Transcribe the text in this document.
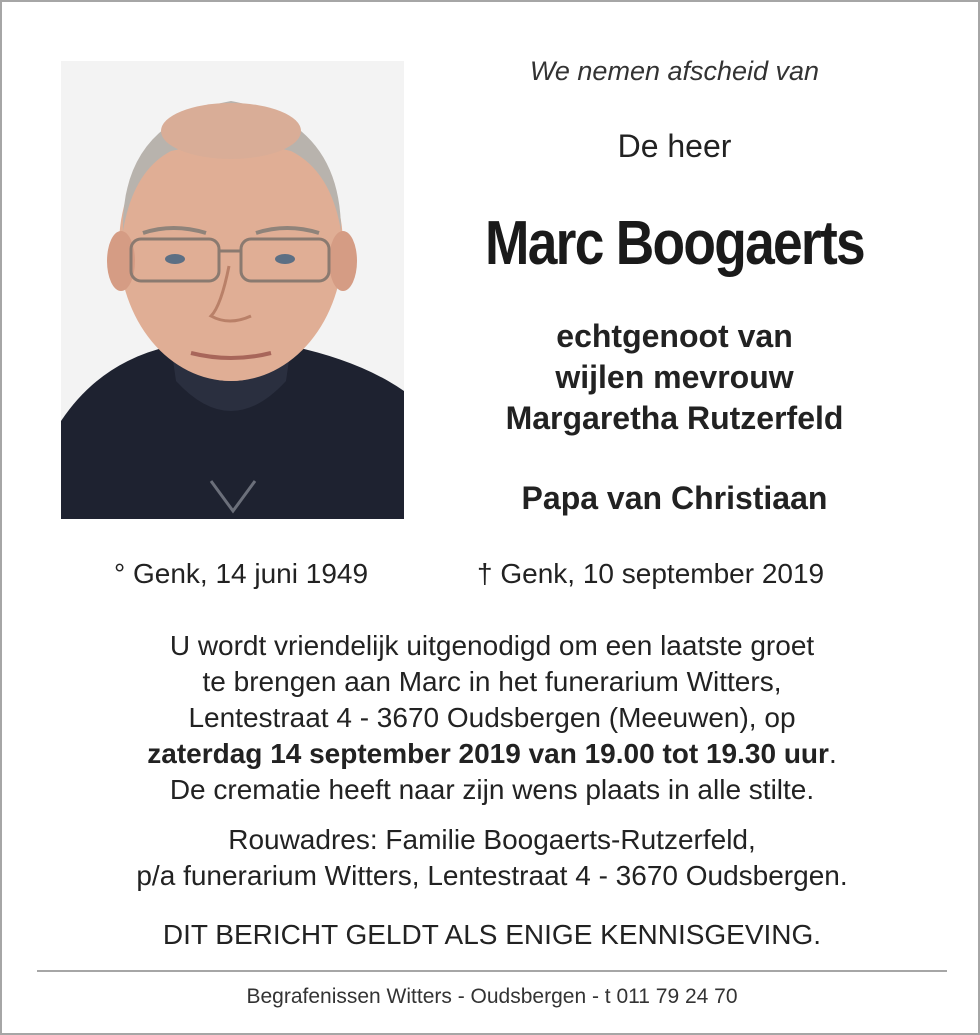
We nemen afscheid van
De heer
Marc Boogaerts
echtgenoot van
wijlen mevrouw
Margaretha Rutzerfeld
Papa van Christiaan
° Genk, 14 juni 1949	† Genk, 10 september 2019
U wordt vriendelijk uitgenodigd om een laatste groet
te brengen aan Marc in het funerarium Witters,
Lentestraat 4 - 3670 Oudsbergen (Meeuwen), op
zaterdag 14 september 2019 van 19.00 tot 19.30 uur.
De crematie heeft naar zijn wens plaats in alle stilte.
Rouwadres: Familie Boogaerts-Rutzerfeld,
p/a funerarium Witters, Lentestraat 4 - 3670 Oudsbergen.
DIT BERICHT GELDT ALS ENIGE KENNISGEVING.
Begrafenissen Witters - Oudsbergen - t 011 79 24 70
